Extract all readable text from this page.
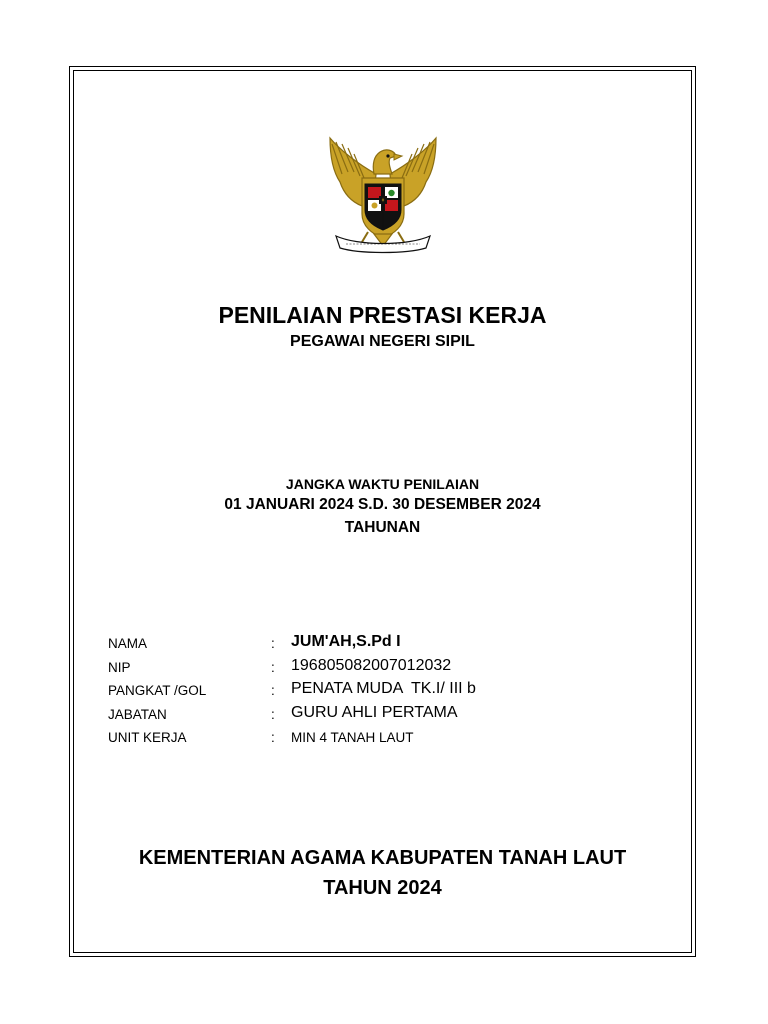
PENILAIAN PRESTASI KERJA
PEGAWAI NEGERI SIPIL
JANGKA WAKTU PENILAIAN
01 JANUARI 2024 S.D. 30 DESEMBER 2024
TAHUNAN
NAMA	: JUM'AH,S.Pd I
NIP	: 196805082007012032
PANGKAT /GOL	: PENATA MUDA  TK.I/ III b
JABATAN	: GURU AHLI PERTAMA
UNIT KERJA	: MIN 4 TANAH LAUT
KEMENTERIAN AGAMA KABUPATEN TANAH LAUT
TAHUN 2024
